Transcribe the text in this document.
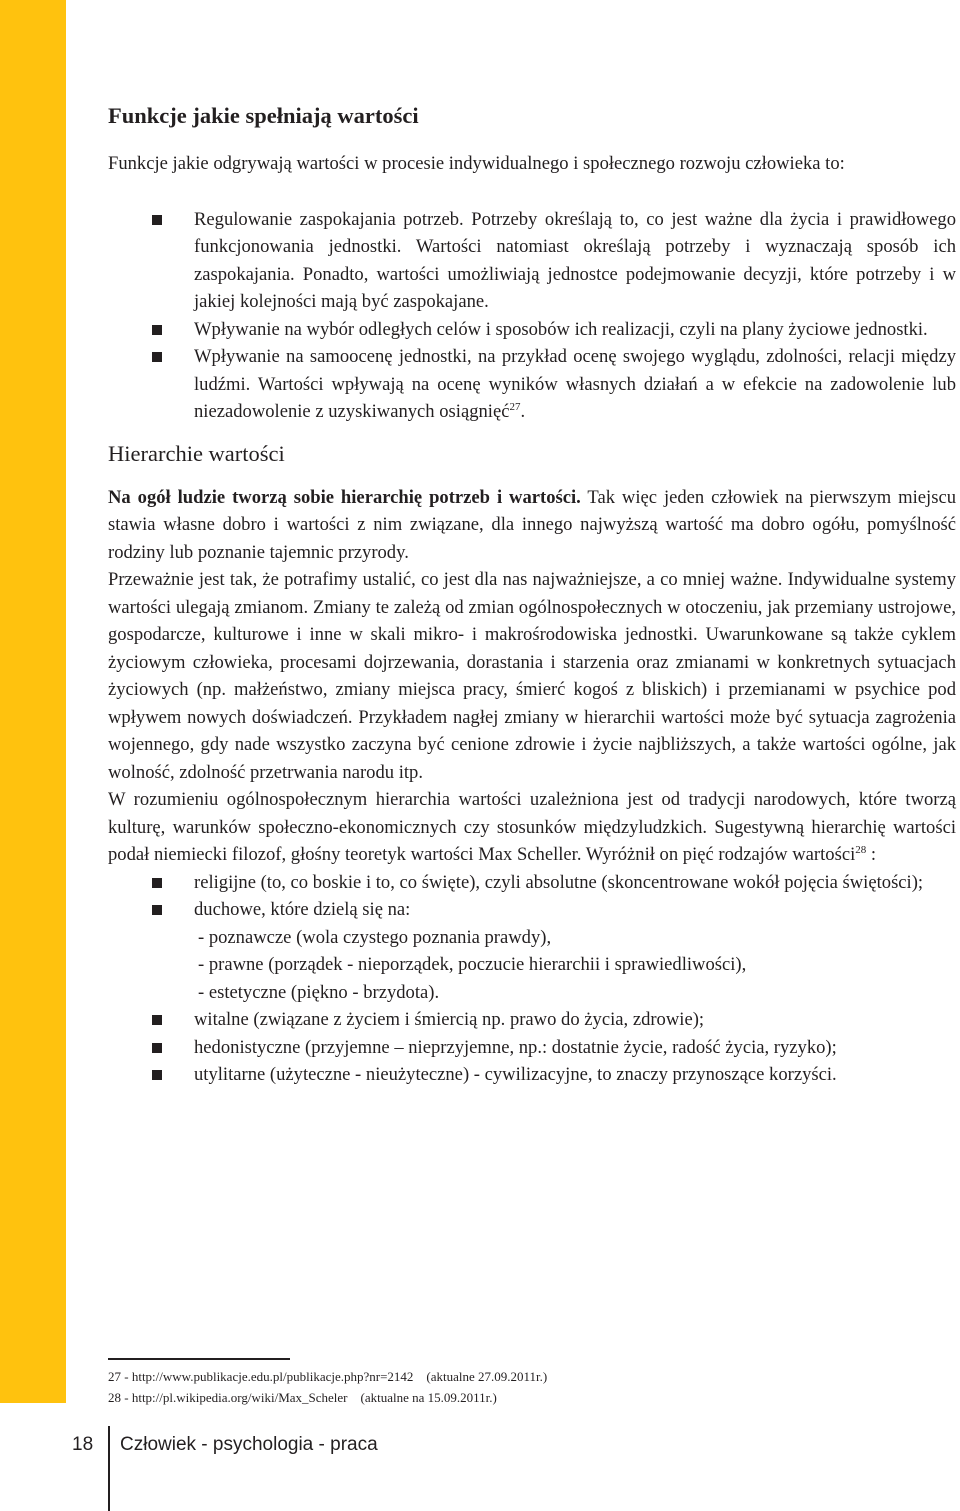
Funkcje jakie spełniają wartości

Funkcje jakie odgrywają wartości w procesie indywidualnego i społecznego rozwoju człowieka to:

Regulowanie zaspokajania potrzeb. Potrzeby określają to, co jest ważne dla życia i prawidłowego funkcjonowania jednostki. Wartości natomiast określają potrzeby i wyznaczają sposób ich zaspokajania. Ponadto, wartości umożliwiają jednostce podejmowanie decyzji, które potrzeby i w jakiej kolejności mają być zaspokajane.
Wpływanie na wybór odległych celów i sposobów ich realizacji, czyli na plany życiowe jednostki.
Wpływanie na samoocenę jednostki, na przykład ocenę swojego wyglądu, zdolności, relacji między ludźmi. Wartości wpływają na ocenę wyników własnych działań a w efekcie na zadowolenie lub niezadowolenie z uzyskiwanych osiągnięć$^{27}$.
Hierarchie wartości

Na ogół ludzie tworzą sobie hierarchię potrzeb i wartości. Tak więc jeden człowiek na pierwszym miejscu stawia własne dobro i wartości z nim związane, dla innego najwyższą wartość ma dobro ogółu, pomyślność rodziny lub poznanie tajemnic przyrody.

Przeważnie jest tak, że potrafimy ustalić, co jest dla nas najważniejsze, a co mniej ważne. Indywidualne systemy wartości ulegają zmianom. Zmiany te zależą od zmian ogólnospołecznych w otoczeniu, jak przemiany ustrojowe, gospodarcze, kulturowe i inne w skali mikro- i makrośrodowiska jednostki. Uwarunkowane są także cyklem życiowym człowieka, procesami dojrzewania, dorastania i starzenia oraz zmianami w konkretnych sytuacjach życiowych (np. małżeństwo, zmiany miejsca pracy, śmierć kogoś z bliskich) i przemianami w psychice pod wpływem nowych doświadczeń. Przykładem nagłej zmiany w hierarchii wartości może być sytuacja zagrożenia wojennego, gdy nade wszystko zaczyna być cenione zdrowie i życie najbliższych, a także wartości ogólne, jak wolność, zdolność przetrwania narodu itp.

W rozumieniu ogólnospołecznym hierarchia wartości uzależniona jest od tradycji narodowych, które tworzą kulturę, warunków społeczno-ekonomicznych czy stosunków międzyludzkich. Sugestywną hierarchię wartości podał niemiecki filozof, głośny teoretyk wartości Max Scheller. Wyróżnił on pięć rodzajów wartości$^{28}$ :

religijne (to, co boskie i to, co święte), czyli absolutne (skoncentrowane wokół pojęcia świętości);
duchowe, które dzielą się na:
- poznawcze (wola czystego poznania prawdy),
- prawne (porządek - nieporządek, poczucie hierarchii i sprawiedliwości),
- estetyczne (piękno - brzydota).
witalne (związane z życiem i śmiercią np. prawo do życia, zdrowie);
hedonistyczne (przyjemne – nieprzyjemne, np.: dostatnie życie, radość życia, ryzyko);
utylitarne (użyteczne - nieużyteczne) - cywilizacyjne, to znaczy przynoszące korzyści.
27 - http://www.publikacje.edu.pl/publikacje.php?nr=2142    (aktualne 27.09.2011r.)
28 - http://pl.wikipedia.org/wiki/Max_Scheler    (aktualne na 15.09.2011r.)
18 Człowiek - psychologia - praca
